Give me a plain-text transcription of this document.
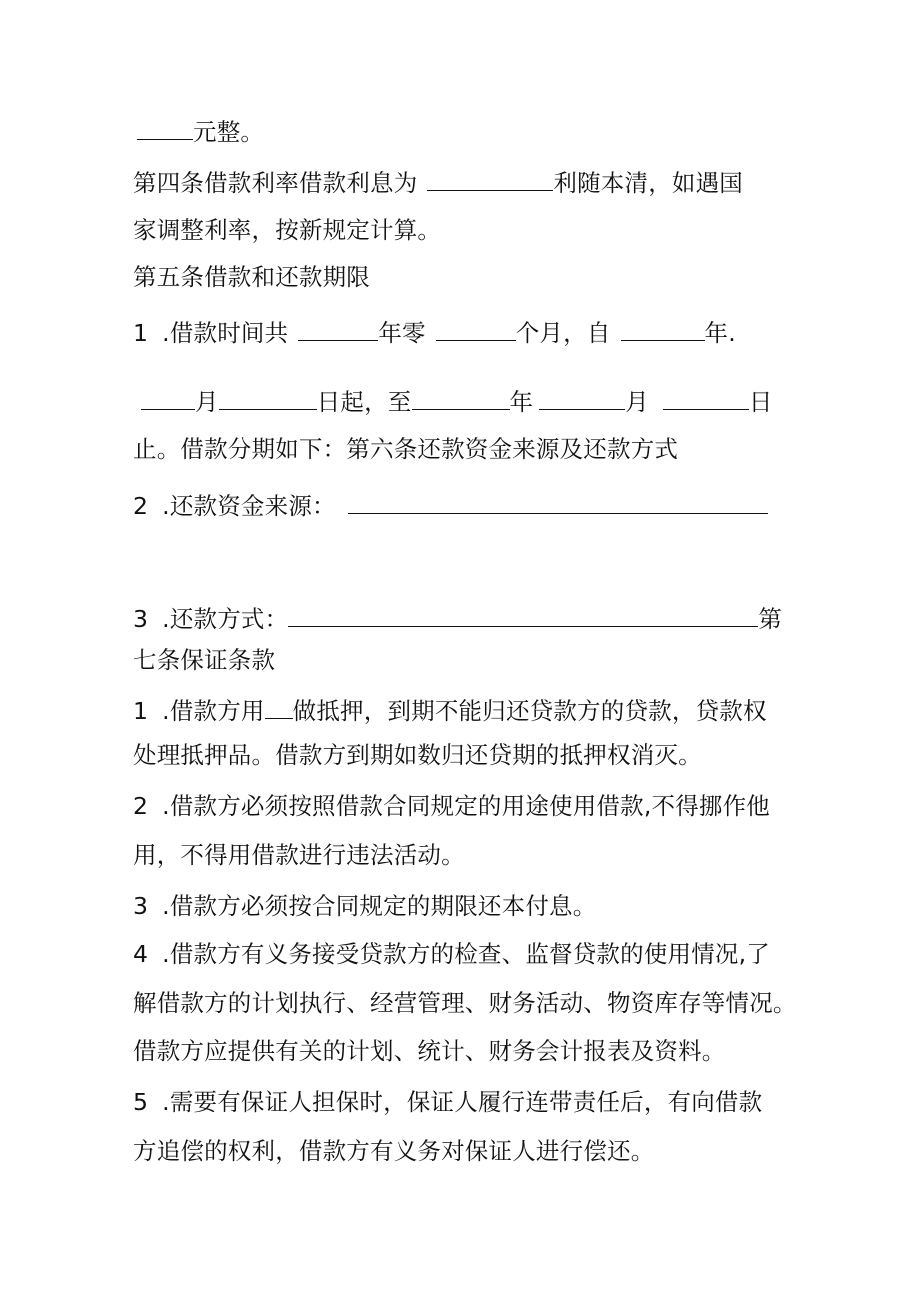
元整。
第四条借款利率借款利息为	利随本清，如遇国
家调整利率，按新规定计算。
第五条借款和还款期限
1 .借款时间共	年零	个月，自	年.
月	日起，至	年	月	日
止。借款分期如下：第六条还款资金来源及还款方式
2 .还款资金来源：
3 .还款方式：	第
七条保证条款
1 .借款方用 做抵押，到期不能归还贷款方的贷款，贷款权
处理抵押品。借款方到期如数归还贷期的抵押权消灭。
2 .借款方必须按照借款合同规定的用途使用借款,不得挪作他
用，不得用借款进行违法活动。
3 .借款方必须按合同规定的期限还本付息。
4 .借款方有义务接受贷款方的检查、监督贷款的使用情况,了
解借款方的计划执行、经营管理、财务活动、物资库存等情况。
借款方应提供有关的计划、统计、财务会计报表及资料。
5 .需要有保证人担保时，保证人履行连带责任后，有向借款
方追偿的权利，借款方有义务对保证人进行偿还。
